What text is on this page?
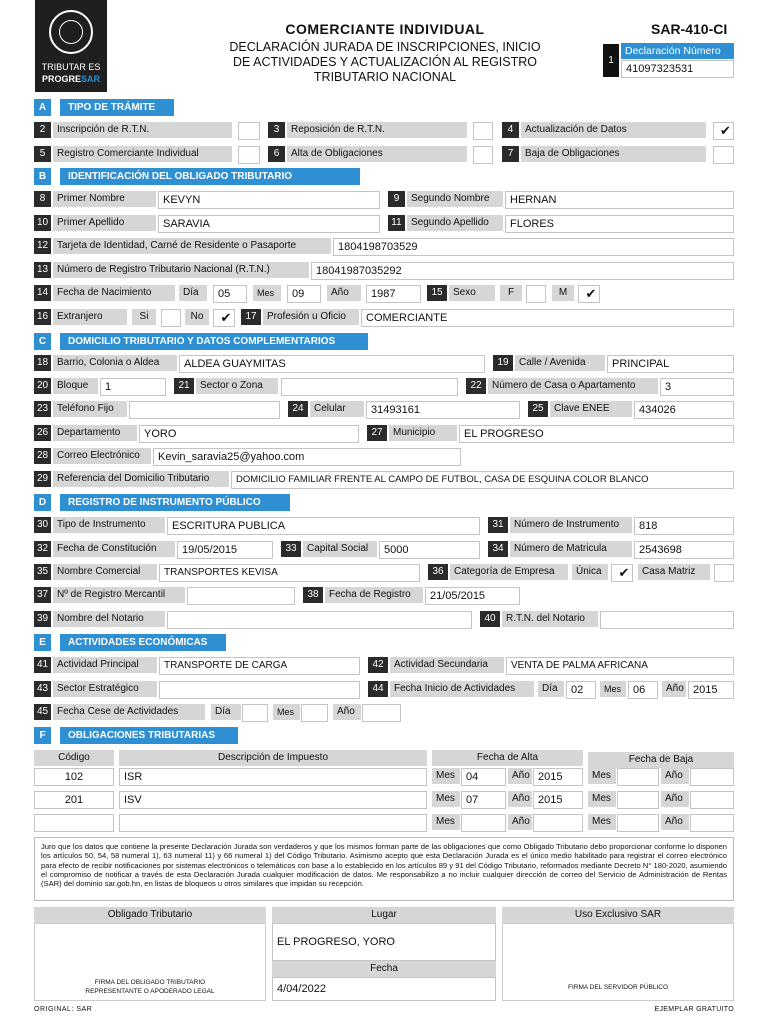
TRIBUTAR ES
PROGRESAR
COMERCIANTE INDIVIDUAL
DECLARACIÓN JURADA DE INSCRIPCIONES, INICIO
DE ACTIVIDADES Y ACTUALIZACIÓN AL REGISTRO
TRIBUTARIO NACIONAL
SAR-410-CI
1
Declaración Número
41097323531
A	TIPO DE TRÁMITE
2	Inscripción de R.T.N.	3	Reposición de R.T.N.	4	Actualización de Datos	✔
5	Registro Comerciante Individual	6	Alta de Obligaciones	7	Baja de Obligaciones
B	IDENTIFICACIÓN DEL OBLIGADO TRIBUTARIO
8	Primer Nombre	KEVYN	9	Segundo Nombre	HERNAN
10 Primer Apellido	SARAVIA	11 Segundo Apellido	FLORES
12 Tarjeta de Identidad, Carné de Residente o Pasaporte	1804198703529
13 Número de Registro Tributario Nacional (R.T.N.)	18041987035292
14 Fecha de Nacimiento	Día	05	Mes	09	Año	1987	15	Sexo	F	M	✔
16 Extranjero	Si	No	✔	17	Profesión u Oficio	COMERCIANTE
C	DOMICILIO TRIBUTARIO Y DATOS COMPLEMENTARIOS
18 Barrio, Colonia o Aldea	ALDEA GUAYMITAS	19	Calle / Avenida	PRINCIPAL
20 Bloque	1	21	Sector o Zona	22	Número de Casa o Apartamento	3
23 Teléfono Fijo	24	Celular	31493161	25	Clave ENEE	434026
26 Departamento	YORO	27	Municipio	EL PROGRESO
28 Correo Electrónico	Kevin_saravia25@yahoo.com
29 Referencia del Domicilio Tributario	DOMICILIO FAMILIAR FRENTE AL CAMPO DE FUTBOL, CASA DE ESQUINA COLOR BLANCO
D	REGISTRO DE INSTRUMENTO PÚBLICO
30 Tipo de Instrumento	ESCRITURA PUBLICA	31	Número de Instrumento	818
32 Fecha de Constitución	19/05/2015	33	Capital Social	5000	34	Número de Matricula	2543698
35 Nombre Comercial	TRANSPORTES KEVISA	36	Categoría de Empresa	Única	✔	Casa Matriz
37 Nº de Registro Mercantil	38	Fecha de Registro	21/05/2015
39 Nombre del Notario	40	R.T.N. del Notario
E	ACTIVIDADES ECONÓMICAS
41 Actividad Principal	TRANSPORTE DE CARGA	42	Actividad Secundaria	VENTA DE PALMA AFRICANA
43 Sector Estratégico	44	Fecha Inicio de Actividades	Día	02	Mes	06	Año 2015
45 Fecha Cese de Actividades	Día	Mes	Año
F	OBLIGACIONES TRIBUTARIAS
Código	Descripción de Impuesto	Fecha de Alta	Fecha de Baja
102	ISR	Mes	04	Año 2015	Mes	Año
201	ISV	Mes	07	Año 2015	Mes	Año
Mes	Año	Mes	Año
Juro que los datos que contiene la presente Declaración Jurada son verdaderos y que los mismos forman parte de las obligaciones que como Obligado Tributario debo proporcionar conforme lo disponen los artículos 50, 54, 58 numeral 1), 63 numeral 11) y 66 numeral 1) del Código Tributario. Asimismo acepto que esta Declaración Jurada es el único medio habilitado para registrar el correo electrónico para efecto de recibir notificaciones por sistemas electrónicos o telemáticos con base a lo establecido en los artículos 89 y 91 del Código Tributario, reformados mediante Decreto N° 180-2020, asumiendo el compromiso de notificar a través de esta Declaración Jurada cualquier modificación de datos. Me responsabilizo a no incluir cualquier dirección de correo del Servicio de Administración de Rentas (SAR) del dominio sar.gob.hn, en listas de bloqueos u otros similares que impidan su recepción.
Obligado Tributario
FIRMA DEL OBLIGADO TRIBUTARIO
REPRESENTANTE O APODERADO LEGAL
Lugar
EL PROGRESO, YORO
Fecha
4/04/2022
Uso Exclusivo SAR
FIRMA DEL SERVIDOR PÚBLICO
ORIGINAL: SAR	EJEMPLAR GRATUITO
